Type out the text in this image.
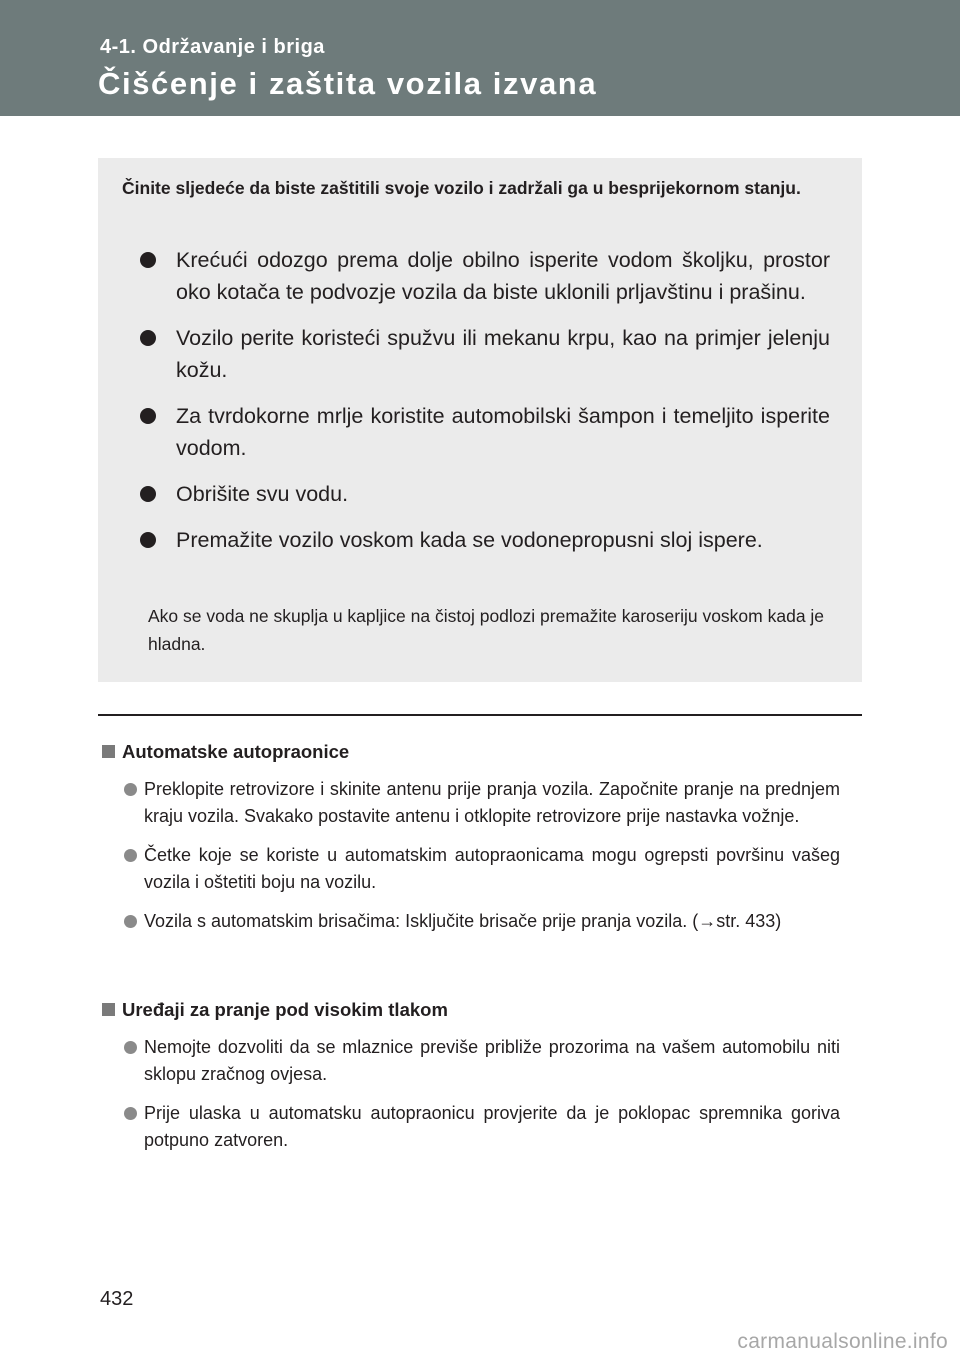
4-1. Održavanje i briga
Čišćenje i zaštita vozila izvana
Činite sljedeće da biste zaštitili svoje vozilo i zadržali ga u besprijekornom stanju.
Krećući odozgo prema dolje obilno isperite vodom školjku, prostor oko kotača te podvozje vozila da biste uklonili prljavštinu i prašinu.
Vozilo perite koristeći spužvu ili mekanu krpu, kao na primjer jelenju kožu.
Za tvrdokorne mrlje koristite automobilski šampon i temeljito isperite vodom.
Obrišite svu vodu.
Premažite vozilo voskom kada se vodonepropusni sloj ispere.
Ako se voda ne skuplja u kapljice na čistoj podlozi premažite karoseriju voskom kada je hladna.
Automatske autopraonice
Preklopite retrovizore i skinite antenu prije pranja vozila. Započnite pranje na prednjem kraju vozila. Svakako postavite antenu i otklopite retrovizore prije nastavka vožnje.
Četke koje se koriste u automatskim autopraonicama mogu ogrepsti površinu vašeg vozila i oštetiti boju na vozilu.
Vozila s automatskim brisačima: Isključite brisače prije pranja vozila. (→str. 433)
Uređaji za pranje pod visokim tlakom
Nemojte dozvoliti da se mlaznice previše približe prozorima na vašem automobilu niti sklopu zračnog ovjesa.
Prije ulaska u automatsku autopraonicu provjerite da je poklopac spremnika goriva potpuno zatvoren.
432
carmanualsonline.info
